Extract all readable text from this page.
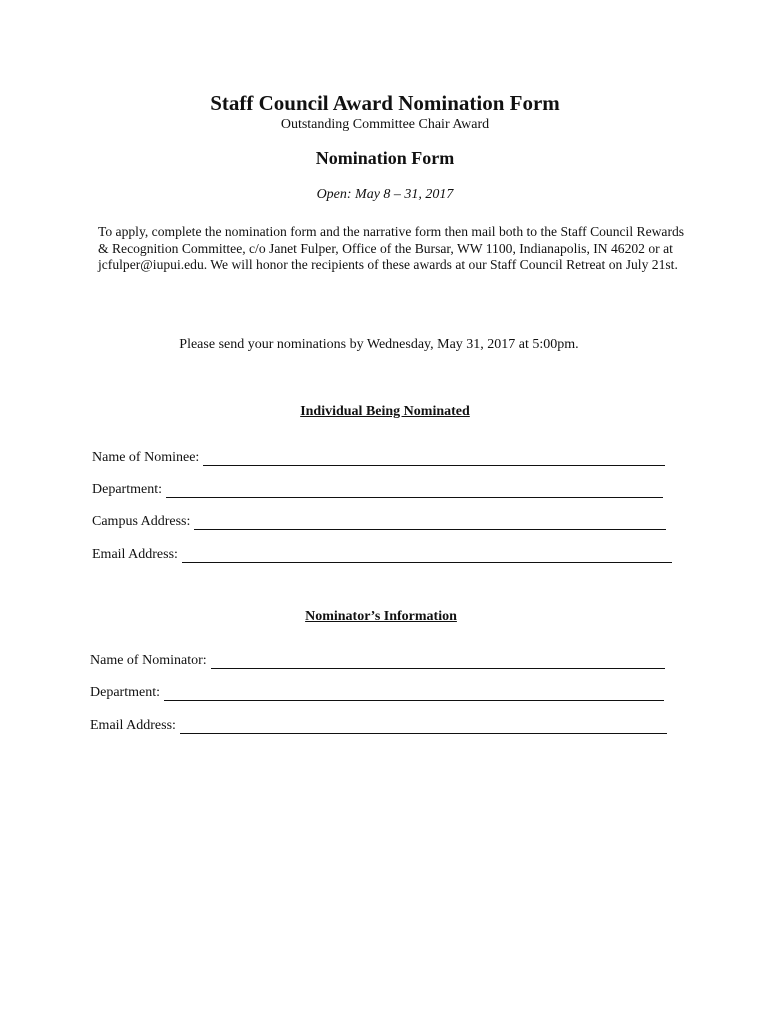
Staff Council Award Nomination Form
Outstanding Committee Chair Award
Nomination Form
Open: May 8 – 31, 2017
To apply, complete the nomination form and the narrative form then mail both to the Staff Council Rewards & Recognition Committee, c/o Janet Fulper, Office of the Bursar, WW 1100, Indianapolis, IN 46202 or at jcfulper@iupui.edu. We will honor the recipients of these awards at our Staff Council Retreat on July 21st.
Please send your nominations by Wednesday, May 31, 2017 at 5:00pm.
Individual Being Nominated
Name of Nominee:
Department:
Campus Address:
Email Address:
Nominator’s Information
Name of Nominator:
Department:
Email Address:
